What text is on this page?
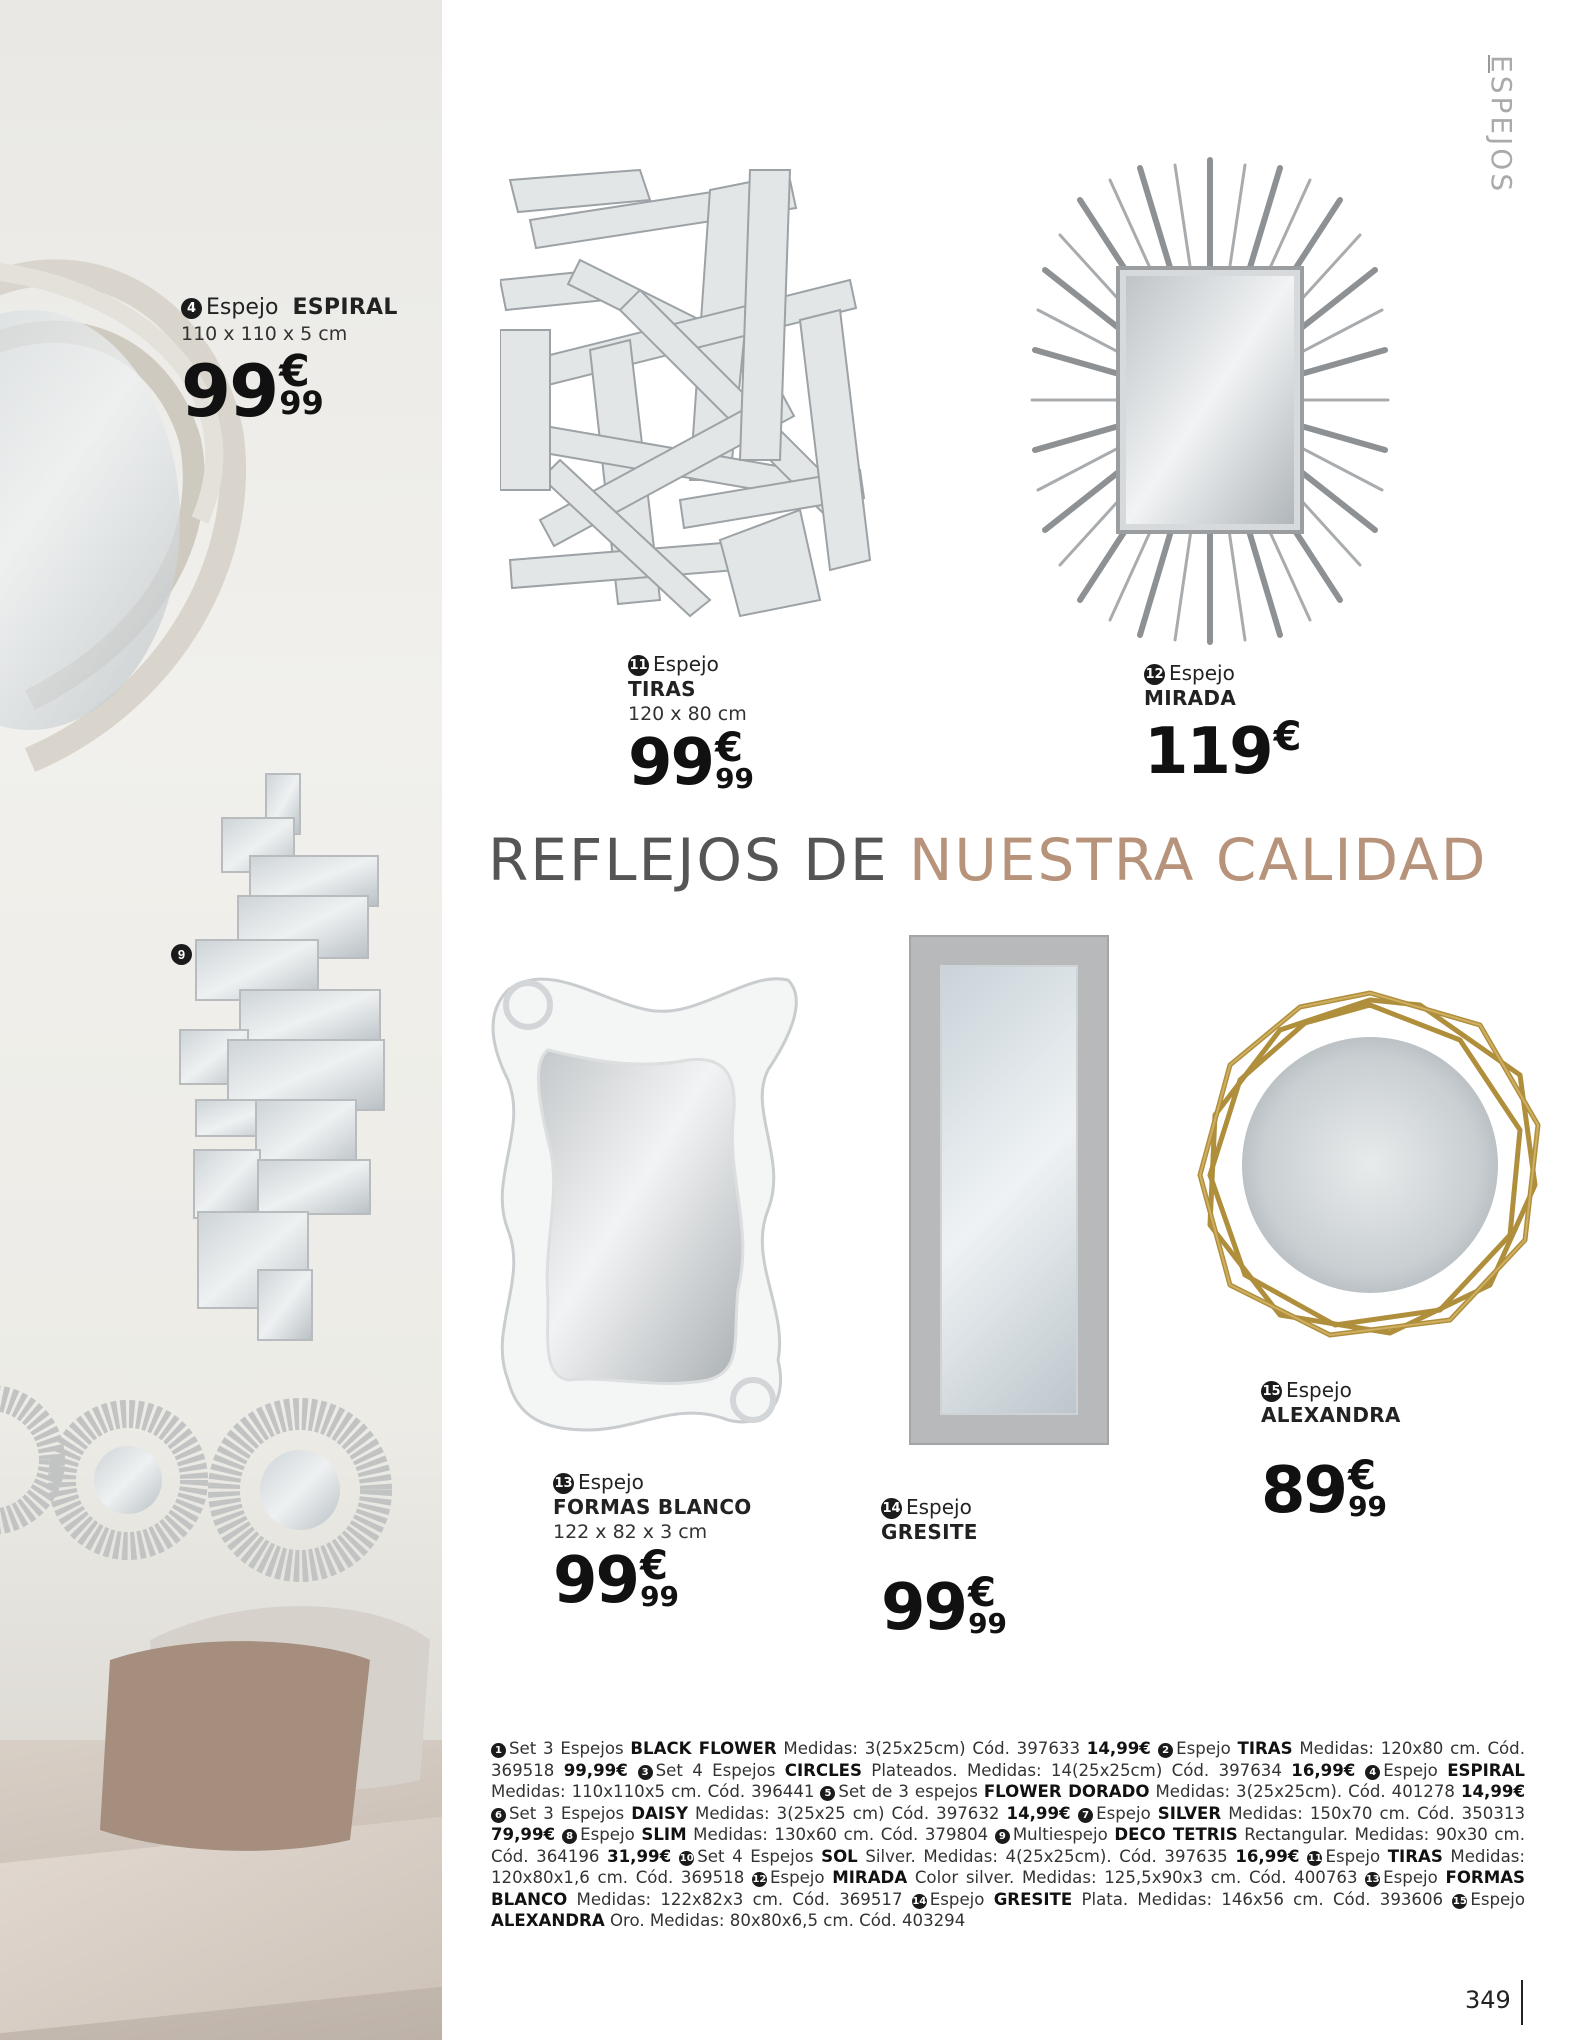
4 Espejo ESPIRAL
110 x 110 x 5 cm
99 €
99
9
ESPEJOS
11 Espejo
TIRAS
120 x 80 cm
99 €
99
12 Espejo
MIRADA
119 €
REFLEJOS DE NUESTRA CALIDAD
13 Espejo
FORMAS BLANCO
122 x 82 x 3 cm
99 €
99
14 Espejo
GRESITE
99 €
99
15 Espejo
ALEXANDRA
89 €
99
1 Set 3 Espejos BLACK FLOWER Medidas: 3(25x25cm) Cód. 397633 14,99€ 2 Espejo TIRAS Medidas: 120x80 cm. Cód. 369518 99,99€ 3 Set 4 Espejos CIRCLES Plateados. Medidas: 14(25x25cm) Cód. 397634 16,99€ 4 Espejo ESPIRAL Medidas: 110x110x5 cm. Cód. 396441 5 Set de 3 espejos FLOWER DORADO Medidas: 3(25x25cm). Cód. 401278 14,99€ 6 Set 3 Espejos DAISY Medidas: 3(25x25 cm) Cód. 397632 14,99€ 7 Espejo SILVER Medidas: 150x70 cm. Cód. 350313 79,99€ 8 Espejo SLIM Medidas: 130x60 cm. Cód. 379804 9 Multiespejo DECO TETRIS Rectangular. Medidas: 90x30 cm. Cód. 364196 31,99€ 10 Set 4 Espejos SOL Silver. Medidas: 4(25x25cm). Cód. 397635 16,99€ 11 Espejo TIRAS Medidas: 120x80x1,6 cm. Cód. 369518 12 Espejo MIRADA Color silver. Medidas: 125,5x90x3 cm. Cód. 400763 13 Espejo FORMAS BLANCO Medidas: 122x82x3 cm. Cód. 369517 14 Espejo GRESITE Plata. Medidas: 146x56 cm. Cód. 393606 15 Espejo ALEXANDRA Oro. Medidas: 80x80x6,5 cm. Cód. 403294
349
